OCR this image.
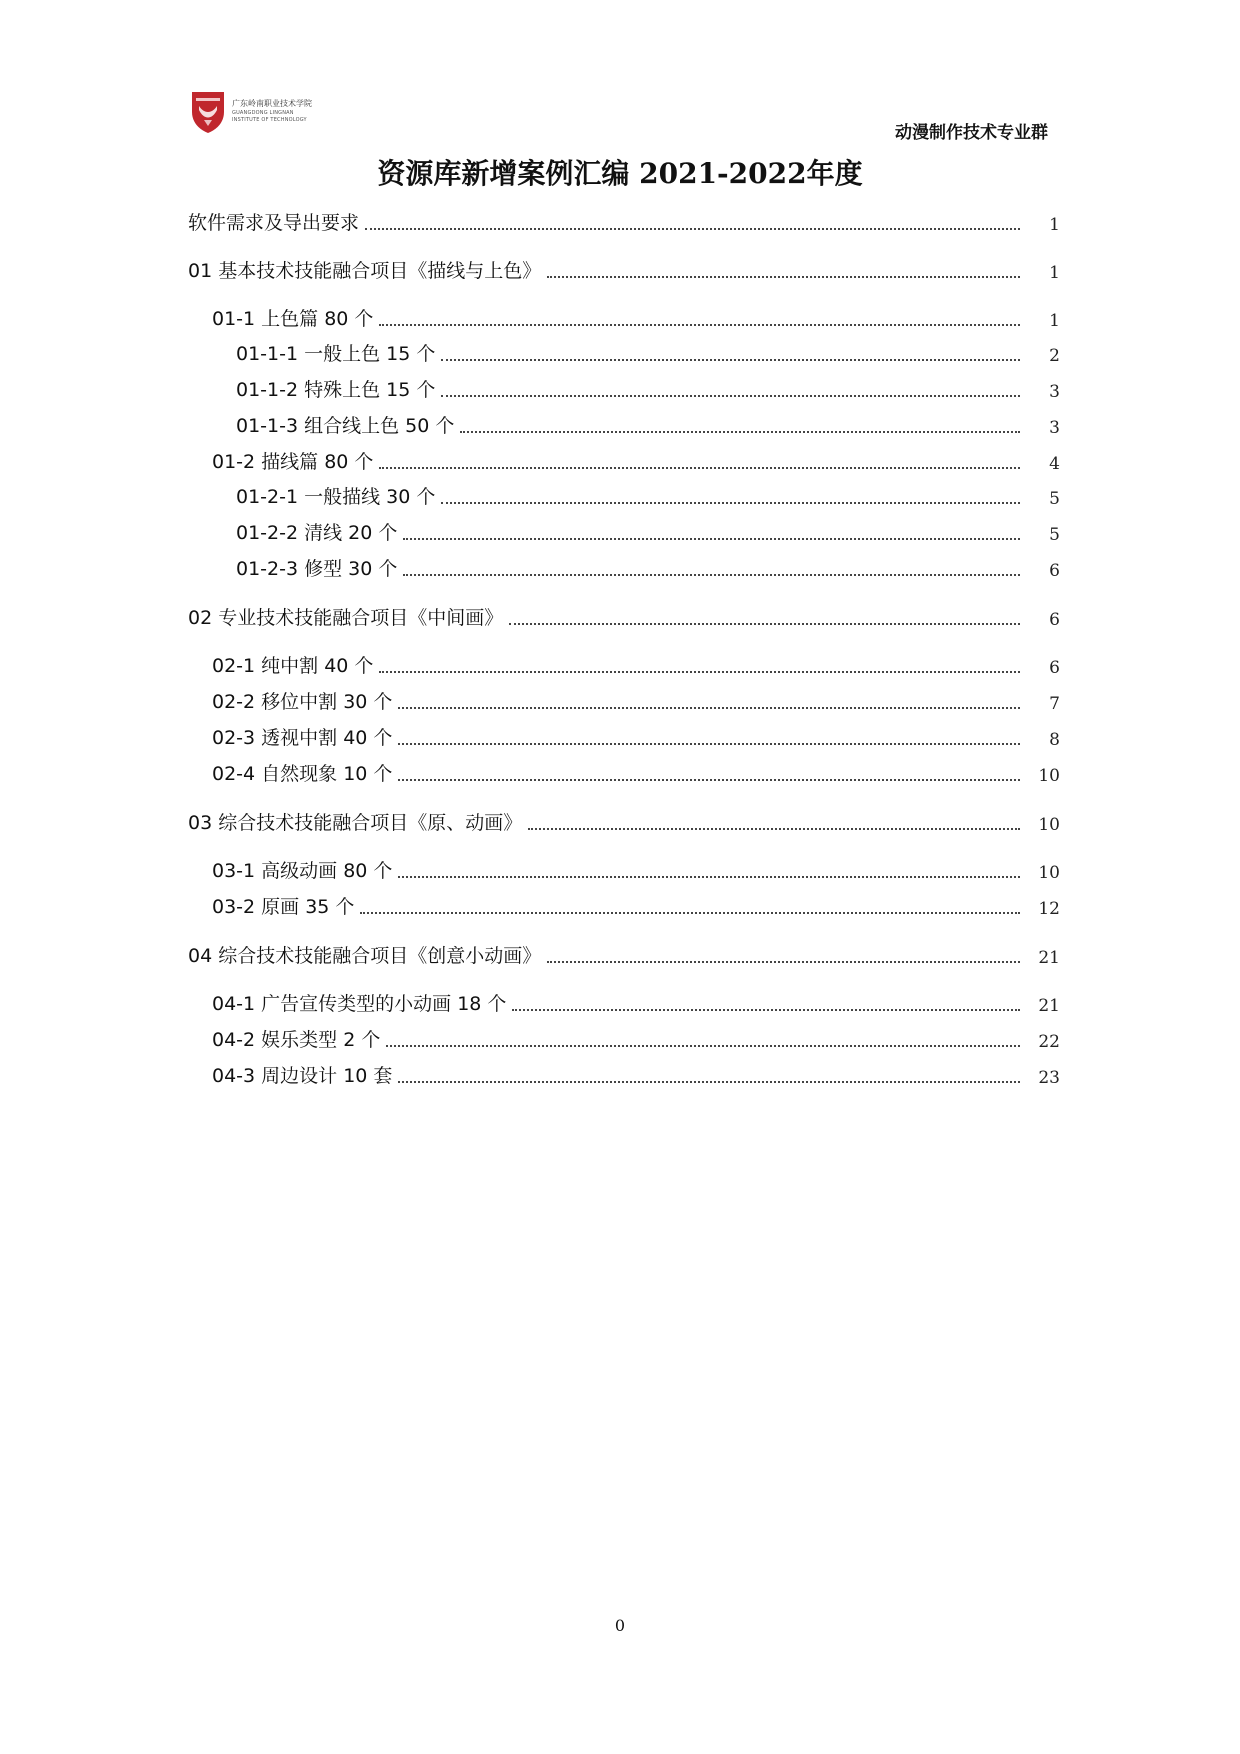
广东岭南职业技术学院
GUANGDONG LINGNAN
INSTITUTE OF TECHNOLOGY
动漫制作技术专业群
资源库新增案例汇编 2021-2022年度
软件需求及导出要求	1
01 基本技术技能融合项目《描线与上色》	1
01-1 上色篇 80 个	1
01-1-1 一般上色 15 个	2
01-1-2 特殊上色 15 个	3
01-1-3 组合线上色 50 个	3
01-2 描线篇 80 个	4
01-2-1 一般描线 30 个	5
01-2-2 清线 20 个	5
01-2-3 修型 30 个	6
02 专业技术技能融合项目《中间画》	6
02-1 纯中割 40 个	6
02-2 移位中割 30 个	7
02-3 透视中割 40 个	8
02-4 自然现象 10 个	10
03 综合技术技能融合项目《原、动画》	10
03-1 高级动画 80 个	10
03-2 原画 35 个	12
04 综合技术技能融合项目《创意小动画》	21
04-1 广告宣传类型的小动画 18 个	21
04-2 娱乐类型 2 个	22
04-3 周边设计 10 套	23
0
